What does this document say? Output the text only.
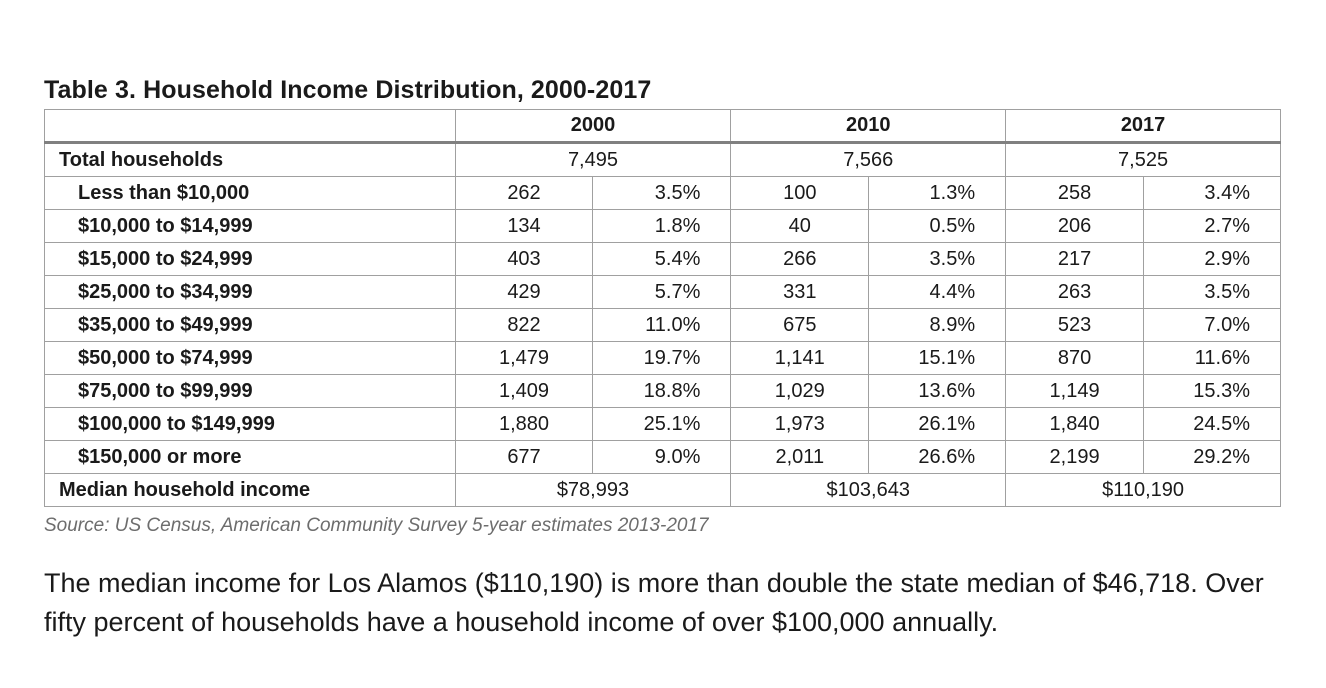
Table 3. Household Income Distribution, 2000-2017
	2000		2010		2017	
Total households	7,495		7,566		7,525	
Less than $10,000	262	3.5%	100	1.3%	258	3.4%
$10,000 to $14,999	134	1.8%	40	0.5%	206	2.7%
$15,000 to $24,999	403	5.4%	266	3.5%	217	2.9%
$25,000 to $34,999	429	5.7%	331	4.4%	263	3.5%
$35,000 to $49,999	822	11.0%	675	8.9%	523	7.0%
$50,000 to $74,999	1,479	19.7%	1,141	15.1%	870	11.6%
$75,000 to $99,999	1,409	18.8%	1,029	13.6%	1,149	15.3%
$100,000 to $149,999	1,880	25.1%	1,973	26.1%	1,840	24.5%
$150,000 or more	677	9.0%	2,011	26.6%	2,199	29.2%
Median household income	$78,993		$103,643		$110,190	

Source: US Census, American Community Survey 5-year estimates 2013-2017

The median income for Los Alamos ($110,190) is more than double the state median of $46,718. Over fifty percent of households have a household income of over $100,000 annually.
